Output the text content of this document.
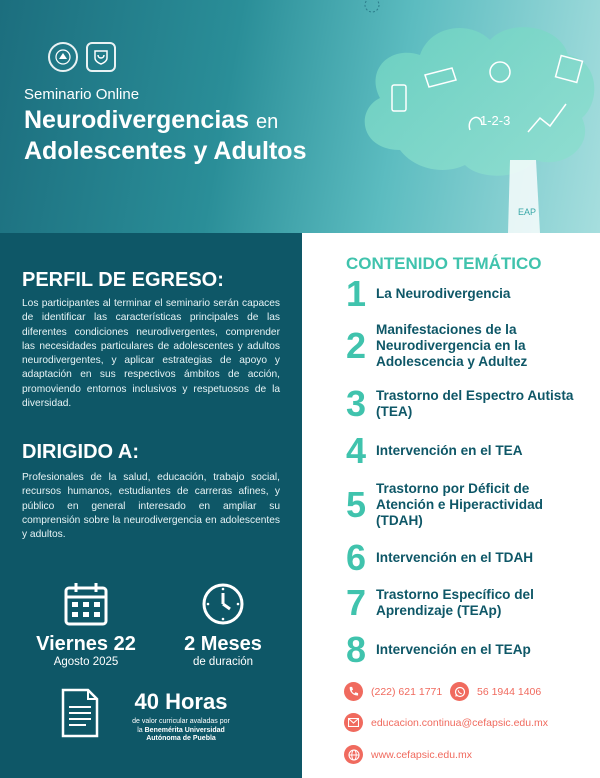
Seminario Online
Neurodivergencias en
Adolescentes y Adultos
EAP
1-2-3
PERFIL DE EGRESO:
Los participantes al terminar el seminario serán capaces de identificar las características principales de las diferentes condiciones neurodivergentes, comprender las necesidades particulares de adolescentes y adultos neurodivergentes, y aplicar estrategias de apoyo y adaptación en sus respectivos ámbitos de acción, promoviendo entornos inclusivos y respetuosos de la diversidad.
DIRIGIDO A:
Profesionales de la salud, educación, trabajo social, recursos humanos, estudiantes de carreras afines, y público en general interesado en ampliar su comprensión sobre la neurodivergencia en adolescentes y adultos.
Viernes 22
Agosto 2025
2 Meses
de duración
40 Horas
de valor curricular avaladas por
la Benemérita Universidad
Autónoma de Puebla
CONTENIDO TEMÁTICO
1 La Neurodivergencia
2 Manifestaciones de la Neurodivergencia en la Adolescencia y Adultez
3 Trastorno del Espectro Autista (TEA)
4 Intervención en el TEA
5 Trastorno por Déficit de Atención e Hiperactividad (TDAH)
6 Intervención en el TDAH
7 Trastorno Específico del Aprendizaje (TEAp)
8 Intervención en el TEAp
(222) 621 1771	56 1944 1406
educacion.continua@cefapsic.edu.mx
www.cefapsic.edu.mx
